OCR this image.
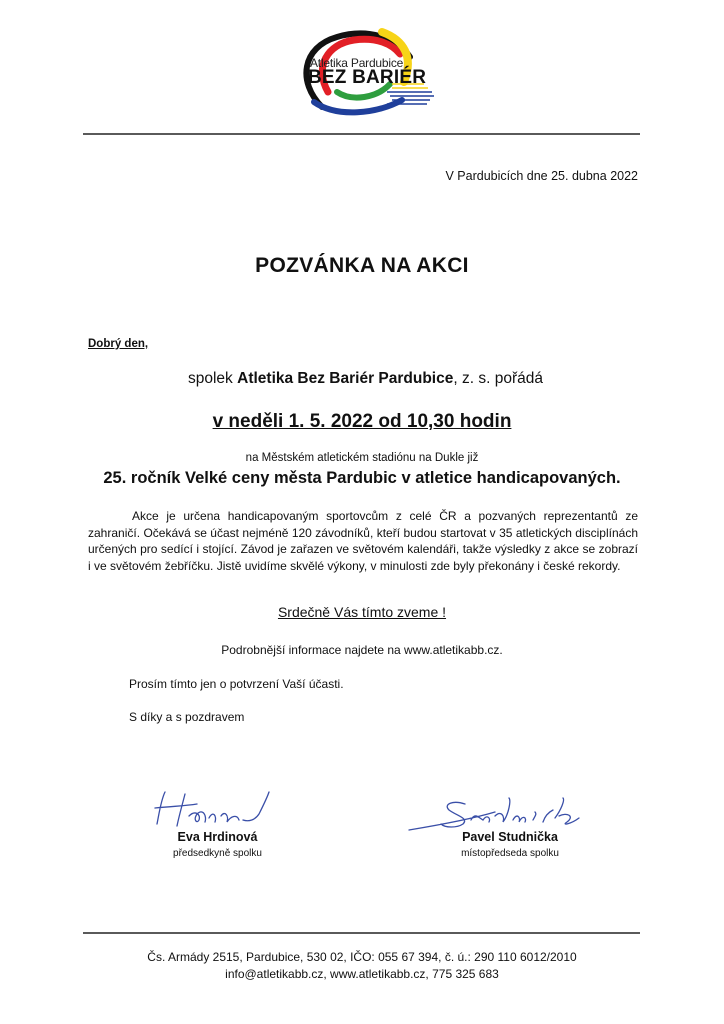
Atletika Pardubice
BEZ BARIÉR
V Pardubicích dne 25. dubna 2022
POZVÁNKA NA AKCI
Dobrý den,
spolek Atletika Bez Bariér Pardubice, z. s. pořádá
v neděli 1. 5. 2022 od 10,30 hodin
na Městském atletickém stadiónu na Dukle již
25. ročník Velké ceny města Pardubic v atletice handicapovaných.
Akce je určena handicapovaným sportovcům z celé ČR a pozvaných reprezentantů ze zahraničí. Očekává se účast nejméně 120 závodníků, kteří budou startovat v 35 atletických disciplínách určených pro sedící i stojící. Závod je zařazen ve světovém kalendáři, takže výsledky z akce se zobrazí i ve světovém žebříčku. Jistě uvidíme skvělé výkony, v minulosti zde byly překonány i české rekordy.
Srdečně Vás tímto zveme !
Podrobnější informace najdete na www.atletikabb.cz.
Prosím tímto jen o potvrzení Vaší účasti.
S díky a s pozdravem
Eva Hrdinová
předsedkyně spolku
Pavel Studnička
místopředseda spolku
Čs. Armády 2515, Pardubice, 530 02, IČO: 055 67 394, č. ú.: 290 110 6012/2010
info@atletikabb.cz, www.atletikabb.cz, 775 325 683
